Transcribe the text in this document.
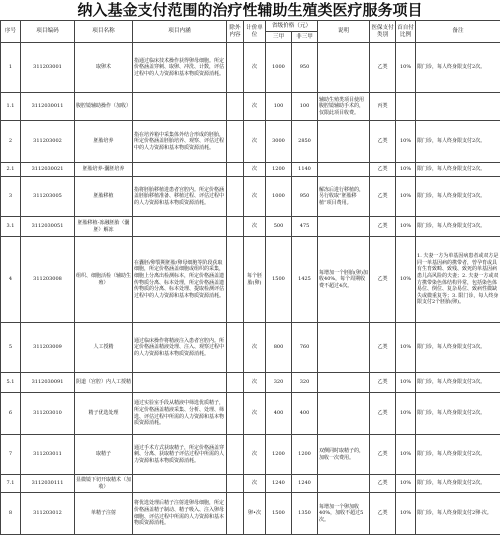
纳入基金支付范围的治疗性辅助生殖类医疗服务项目
序号	项目编码	项目名称	项目内涵	除外内容	计价单位	省级价格（元）		说明	医保支付类别	首自付比例	备注
						三甲	非三甲				
1	311203001	取卵术	指通过临床技术操作获得卵母细胞。所定价格涵盖穿刺、取卵、冲洗、计数，评估过程中的人力资源和基本物质资源消耗。		次	1000	950		乙类	10%	限门诊，每人终身限支付2次。
1.1	3112030011	腹腔镜辅助操作（加收）			次	100	100	辅助生殖类项目使用腹腔镜辅助手术的，仅限此项目收费。	丙类		
2	311203002	胚胎培养	指在培养箱中采集体外结合形成的胚胎，所定价格涵盖胚胎培养、观察、评估过程中的人力资源和基本物质资源消耗。		次	3000	2850		乙类	10%	限门诊，每人终身限支付2次。
2.1	3112030021	胚胎培养-囊胚培养			次	1200	1140		乙类	10%	限门诊，每人终身限支付2次。
3	311203005	胚胎移植	指将胚胎移植进患者宫腔内。所定价格涵盖胚胎移植准备、移植过程、评估过程中的人力资源和基本物质资源消耗。		次	1000	950	解冻后进行移植的，另行收取“胚胎移植”项目费用。	乙类	10%	限门诊，每人终身限支付3次。
3.1	3112030051	胚胎移植-冻融胚胎（囊胚）解冻			次	500	475		乙类	10%	限门诊，每人终身限支付3次。
4	311203008	组织、细胞活检（辅助生殖）	在囊胚/卵裂期胚胎/卵母细胞等阶段获取细胞，所定价格涵盖细胞或组织的采集，细胞上分离出检测标本，所定价格涵盖遗传物质分离、标本处理，所定价格涵盖遗传物质的分离、标本处理、提取检测评估过程中的人力资源和基本物质资源消耗。		每个胚胎(卵)	1500	1425	每增加一个胚胎(卵)加收40%，每个周期收费不超过4次。	乙类	10%	1. 夫妻一方为单基因病患者或双方是同一单基因病的携带者，曾孕育或具有生育致畸、致残、致死的单基因病患儿高风险的夫妻；2. 夫妻一方或双方携带染色体结构异常，包括染色体易位、倒位、复杂易位、致病性微缺失或微重复等；3. 限门诊，每人终身限支付2个胚胎(卵)。
5	311203009	人工授精	通过临床操作将精液注入患者宫腔内。所定价格涵盖精液处理、注入、观察过程中的人力资源和基本物质资源消耗。		次	800	760		乙类	10%	限门诊，每人终身限支付3次。
5.1	3112030091	阴道（宫腔）内人工授精			次	320	320		乙类	10%	限门诊，每人终身限支付3次。
6	311203010	精子优选处理	通过实验室手段从精液中筛选优质精子，所定价格涵盖精液采集、分析、处理、筛选、评估过程中所需的人力资源和基本物质资源消耗。		次	400	400		乙类	10%	限门诊，每人终身限支付2次。
7	311203011	取精子	通过手术方式获取精子，所定价格涵盖穿刺、分离、获取精子评估过程中所需的人力资源和基本物质资源消耗。		次	1200	1200	双侧同时取精子的，加收一次费用。	乙类	10%	限门诊，每人终身限支付2次。
7.1	3112030111	显微镜下切开取精术（加收）			次	1240	1240		乙类	10%	限门诊，每人终身限支付2次。
8	311203012	单精子注射	将优选处理后精子注射进卵母细胞，所定价格涵盖精子制动、精子吸入、注入卵母细胞、评估过程中所需的人力资源和基本物质资源消耗。		卵•次	1500	1350	每增加一个卵加收40%，加收不超过5次。	乙类	10%	限门诊，每人终身限支付2卵·次。
